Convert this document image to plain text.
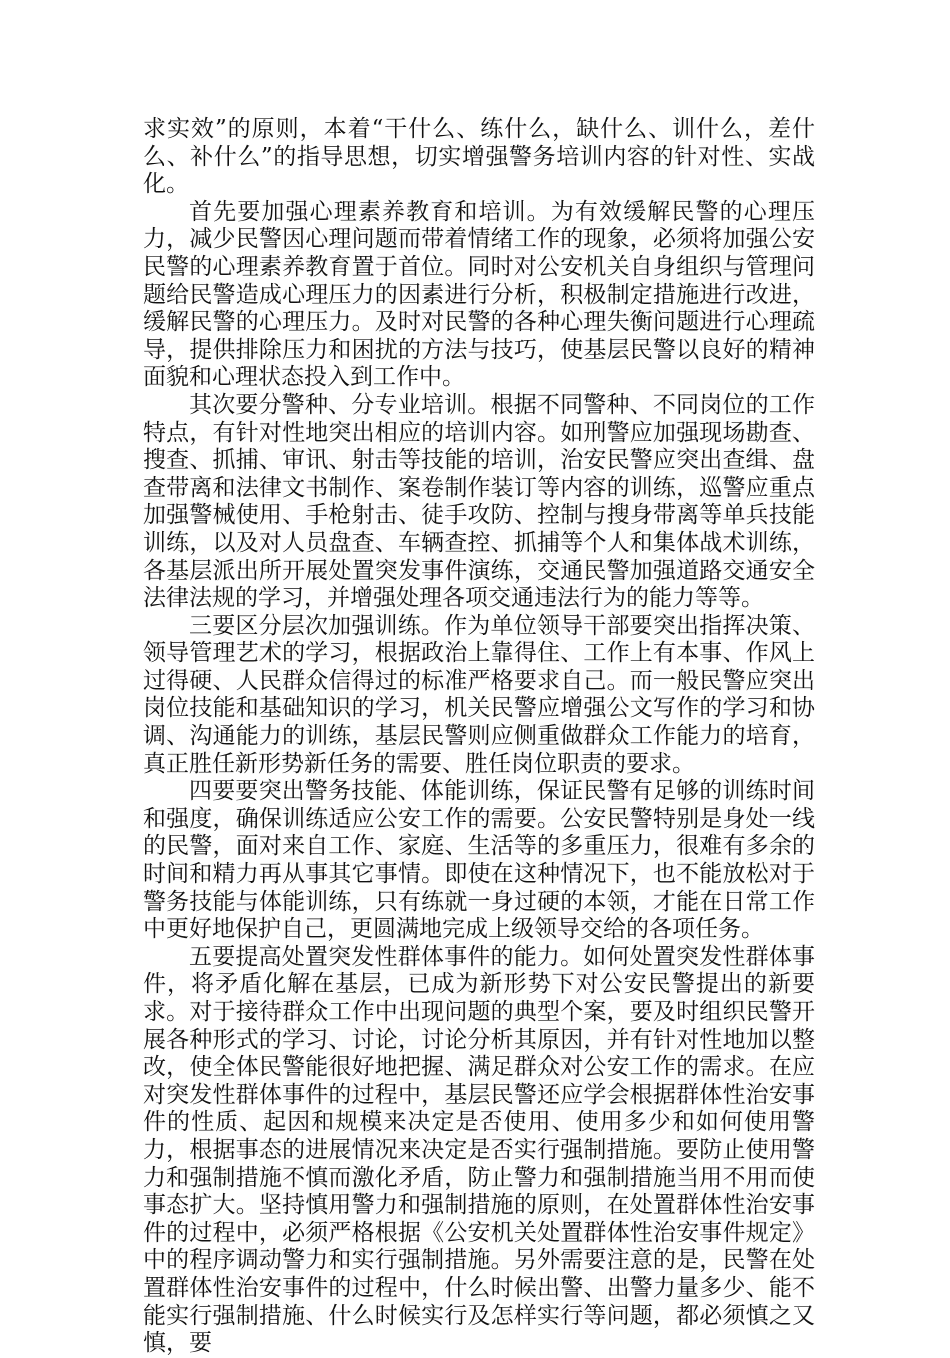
求实效”的原则，本着“干什么、练什么，缺什么、训什么，差什么、补什么”的指导思想，切实增强警务培训内容的针对性、实战化。

首先要加强心理素养教育和培训。为有效缓解民警的心理压力，减少民警因心理问题而带着情绪工作的现象，必须将加强公安民警的心理素养教育置于首位。同时对公安机关自身组织与管理问题给民警造成心理压力的因素进行分析，积极制定措施进行改进，缓解民警的心理压力。及时对民警的各种心理失衡问题进行心理疏导，提供排除压力和困扰的方法与技巧，使基层民警以良好的精神面貌和心理状态投入到工作中。

其次要分警种、分专业培训。根据不同警种、不同岗位的工作特点，有针对性地突出相应的培训内容。如刑警应加强现场勘查、搜查、抓捕、审讯、射击等技能的培训，治安民警应突出查缉、盘查带离和法律文书制作、案卷制作装订等内容的训练，巡警应重点加强警械使用、手枪射击、徒手攻防、控制与搜身带离等单兵技能训练，以及对人员盘查、车辆查控、抓捕等个人和集体战术训练，各基层派出所开展处置突发事件演练，交通民警加强道路交通安全法律法规的学习，并增强处理各项交通违法行为的能力等等。

三要区分层次加强训练。作为单位领导干部要突出指挥决策、领导管理艺术的学习，根据政治上靠得住、工作上有本事、作风上过得硬、人民群众信得过的标准严格要求自己。而一般民警应突出岗位技能和基础知识的学习，机关民警应增强公文写作的学习和协调、沟通能力的训练，基层民警则应侧重做群众工作能力的培育，真正胜任新形势新任务的需要、胜任岗位职责的要求。

四要要突出警务技能、体能训练，保证民警有足够的训练时间和强度，确保训练适应公安工作的需要。公安民警特别是身处一线的民警，面对来自工作、家庭、生活等的多重压力，很难有多余的时间和精力再从事其它事情。即使在这种情况下，也不能放松对于警务技能与体能训练，只有练就一身过硬的本领，才能在日常工作中更好地保护自己，更圆满地完成上级领导交给的各项任务。

五要提高处置突发性群体事件的能力。如何处置突发性群体事件，将矛盾化解在基层，已成为新形势下对公安民警提出的新要求。对于接待群众工作中出现问题的典型个案，要及时组织民警开展各种形式的学习、讨论，讨论分析其原因，并有针对性地加以整改，使全体民警能很好地把握、满足群众对公安工作的需求。在应对突发性群体事件的过程中，基层民警还应学会根据群体性治安事件的性质、起因和规模来决定是否使用、使用多少和如何使用警力，根据事态的进展情况来决定是否实行强制措施。要防止使用警力和强制措施不慎而激化矛盾，防止警力和强制措施当用不用而使事态扩大。坚持慎用警力和强制措施的原则，在处置群体性治安事件的过程中，必须严格根据《公安机关处置群体性治安事件规定》中的程序调动警力和实行强制措施。另外需要注意的是，民警在处置群体性治安事件的过程中，什么时候出警、出警力量多少、能不能实行强制措施、什么时候实行及怎样实行等问题，都必须慎之又慎，要
